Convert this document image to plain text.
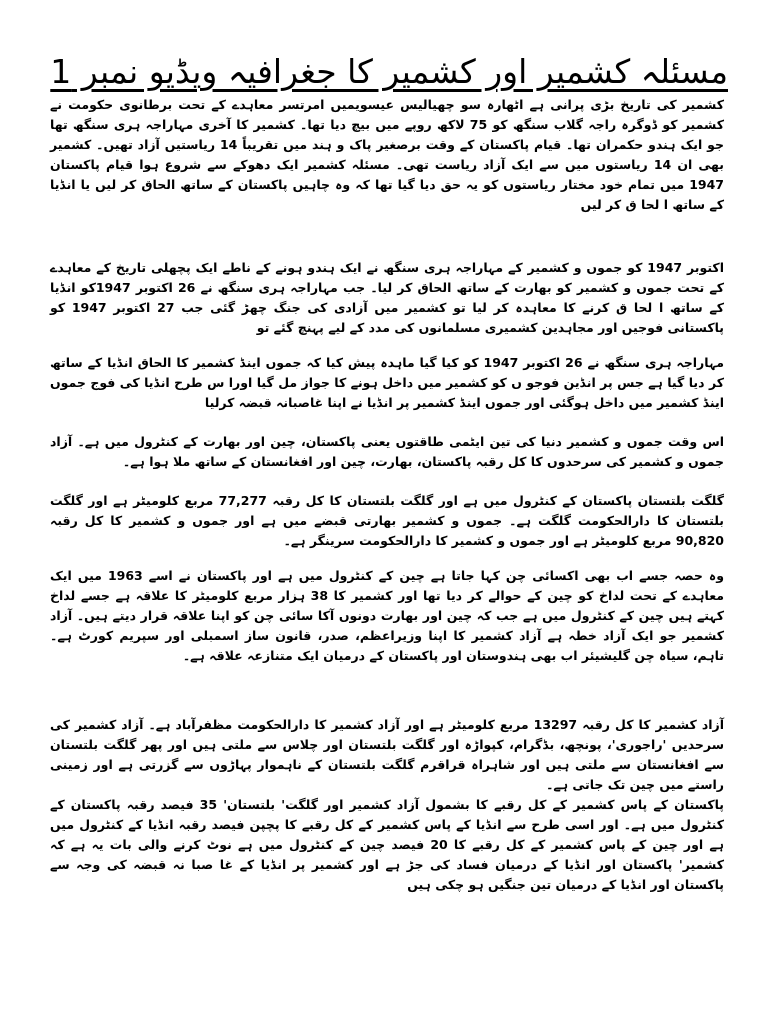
مسئلہ کشمیر اور کشمیر کا جغرافیہ ویڈیو نمبر 1
کشمیر کی تاریخ بڑی پرانی ہے اٹھارہ سو چھیالیس عیسویمیں امرتسر معاہدے کے تحت برطانوی حکومت نے کشمیر کو ڈوگرہ راجہ گلاب سنگھ کو 75 لاکھ روپے میں بیچ دیا تھا۔ کشمیر کا آخری مہاراجہ ہری سنگھ تھا جو ایک ہندو حکمران تھا۔ قیام پاکستان کے وقت برصغیر پاک و ہند میں تقریباً 14 ریاستیں آزاد تھیں۔ کشمیر بھی ان 14 ریاستوں میں سے ایک آزاد ریاست تھی۔ مسئلہ کشمیر ایک دھوکے سے شروع ہوا قیام پاکستان 1947 میں تمام خود مختار ریاستوں کو یہ حق دیا گیا تھا کہ وہ چاہیں پاکستان کے ساتھ الحاق کر لیں یا انڈیا کے ساتھ ا لحا ق کر لیں
اکتوبر 1947 کو جموں و کشمیر کے مہاراجہ ہری سنگھ نے ایک ہندو ہونے کے ناطے ایک پچھلی تاریخ کے معاہدے کے تحت جموں و کشمیر کو بھارت کے ساتھ الحاق کر لیا۔ جب مہاراجہ ہری سنگھ نے 26 اکتوبر 1947کو انڈیا کے ساتھ ا لحا ق کرنے کا معاہدہ کر لیا تو کشمیر میں آزادی کی جنگ چھڑ گئی جب 27 اکتوبر 1947 کو پاکستانی فوجیں اور مجاہدین کشمیری مسلمانوں کی مدد کے لیے پہنچ گئے تو
مہاراجہ ہری سنگھ نے 26 اکتوبر 1947 کو کیا گیا ماہدہ پیش کیا کہ جموں اینڈ کشمیر کا الحاق انڈیا کے ساتھ کر دیا گیا ہے جس پر انڈین فوجو ں کو کشمیر میں داخل ہونے کا جواز مل گیا اورا س طرح انڈیا کی فوج جموں اینڈ کشمیر میں داخل ہوگئی اور جموں اینڈ کشمیر پر انڈیا نے اپنا غاصبانہ قبضہ کرلیا
اس وقت جموں و کشمیر دنیا کی تین ایٹمی طاقتوں یعنی پاکستان، چین اور بھارت کے کنٹرول میں ہے۔ آزاد جموں و کشمیر کی سرحدوں کا کل رقبہ پاکستان، بھارت، چین اور افغانستان کے ساتھ ملا ہوا ہے۔
گلگت بلتستان پاکستان کے کنٹرول میں ہے اور گلگت بلتستان کا کل رقبہ 77,277 مربع کلومیٹر ہے اور گلگت بلتستان کا دارالحکومت گلگت ہے۔ جموں و کشمیر بھارتی قبضے میں ہے اور جموں و کشمیر کا کل رقبہ 90,820 مربع کلومیٹر ہے اور جموں و کشمیر کا دارالحکومت سرینگر ہے۔
وہ حصہ جسے اب بھی اکسائی چن کہا جاتا ہے چین کے کنٹرول میں ہے اور پاکستان نے اسے 1963 میں ایک معاہدے کے تحت لداخ کو چین کے حوالے کر دیا تھا اور کشمیر کا 38 ہزار مربع کلومیٹر کا علاقہ ہے جسے لداخ کہتے ہیں چین کے کنٹرول میں ہے جب کہ چین اور بھارت دونوں آکا سائی چن کو اپنا علاقہ قرار دیتے ہیں۔ آزاد کشمیر جو ایک آزاد خطہ ہے آزاد کشمیر کا اپنا وزیراعظم، صدر، قانون ساز اسمبلی اور سپریم کورٹ ہے۔ تاہم، سیاہ چن گلیشیئر اب بھی ہندوستان اور پاکستان کے درمیان ایک متنازعہ علاقہ ہے۔
آزاد کشمیر کا کل رقبہ 13297 مربع کلومیٹر ہے اور آزاد کشمیر کا دارالحکومت مظفرآباد ہے۔ آزاد کشمیر کی سرحدیں 'راجوری'، پونچھ، بڈگرام، کپواڑہ اور گلگت بلتستان اور چلاس سے ملتی ہیں اور پھر گلگت بلتستان سے افغانستان سے ملتی ہیں اور شاہراہ قراقرم گلگت بلتستان کے ناہموار پہاڑوں سے گزرتی ہے اور زمینی راستے میں چین تک جاتی ہے۔
پاکستان کے پاس کشمیر کے کل رقبے کا بشمول آزاد کشمیر اور گلگت' بلتستان' 35 فیصد رقبہ پاکستان کے کنٹرول میں ہے۔ اور اسی طرح سے انڈیا کے پاس کشمیر کے کل رقبے کا پچپن فیصد رقبہ انڈیا کے کنٹرول میں ہے اور چین کے پاس کشمیر کے کل رقبے کا 20 فیصد چین کے کنٹرول میں ہے نوٹ کرنے والی بات یہ ہے کہ کشمیر' پاکستان اور انڈیا کے درمیان فساد کی جڑ ہے اور کشمیر پر انڈیا کے غا صبا نہ قبضہ کی وجہ سے پاکستان اور انڈیا کے درمیان تین جنگیں ہو چکی ہیں
